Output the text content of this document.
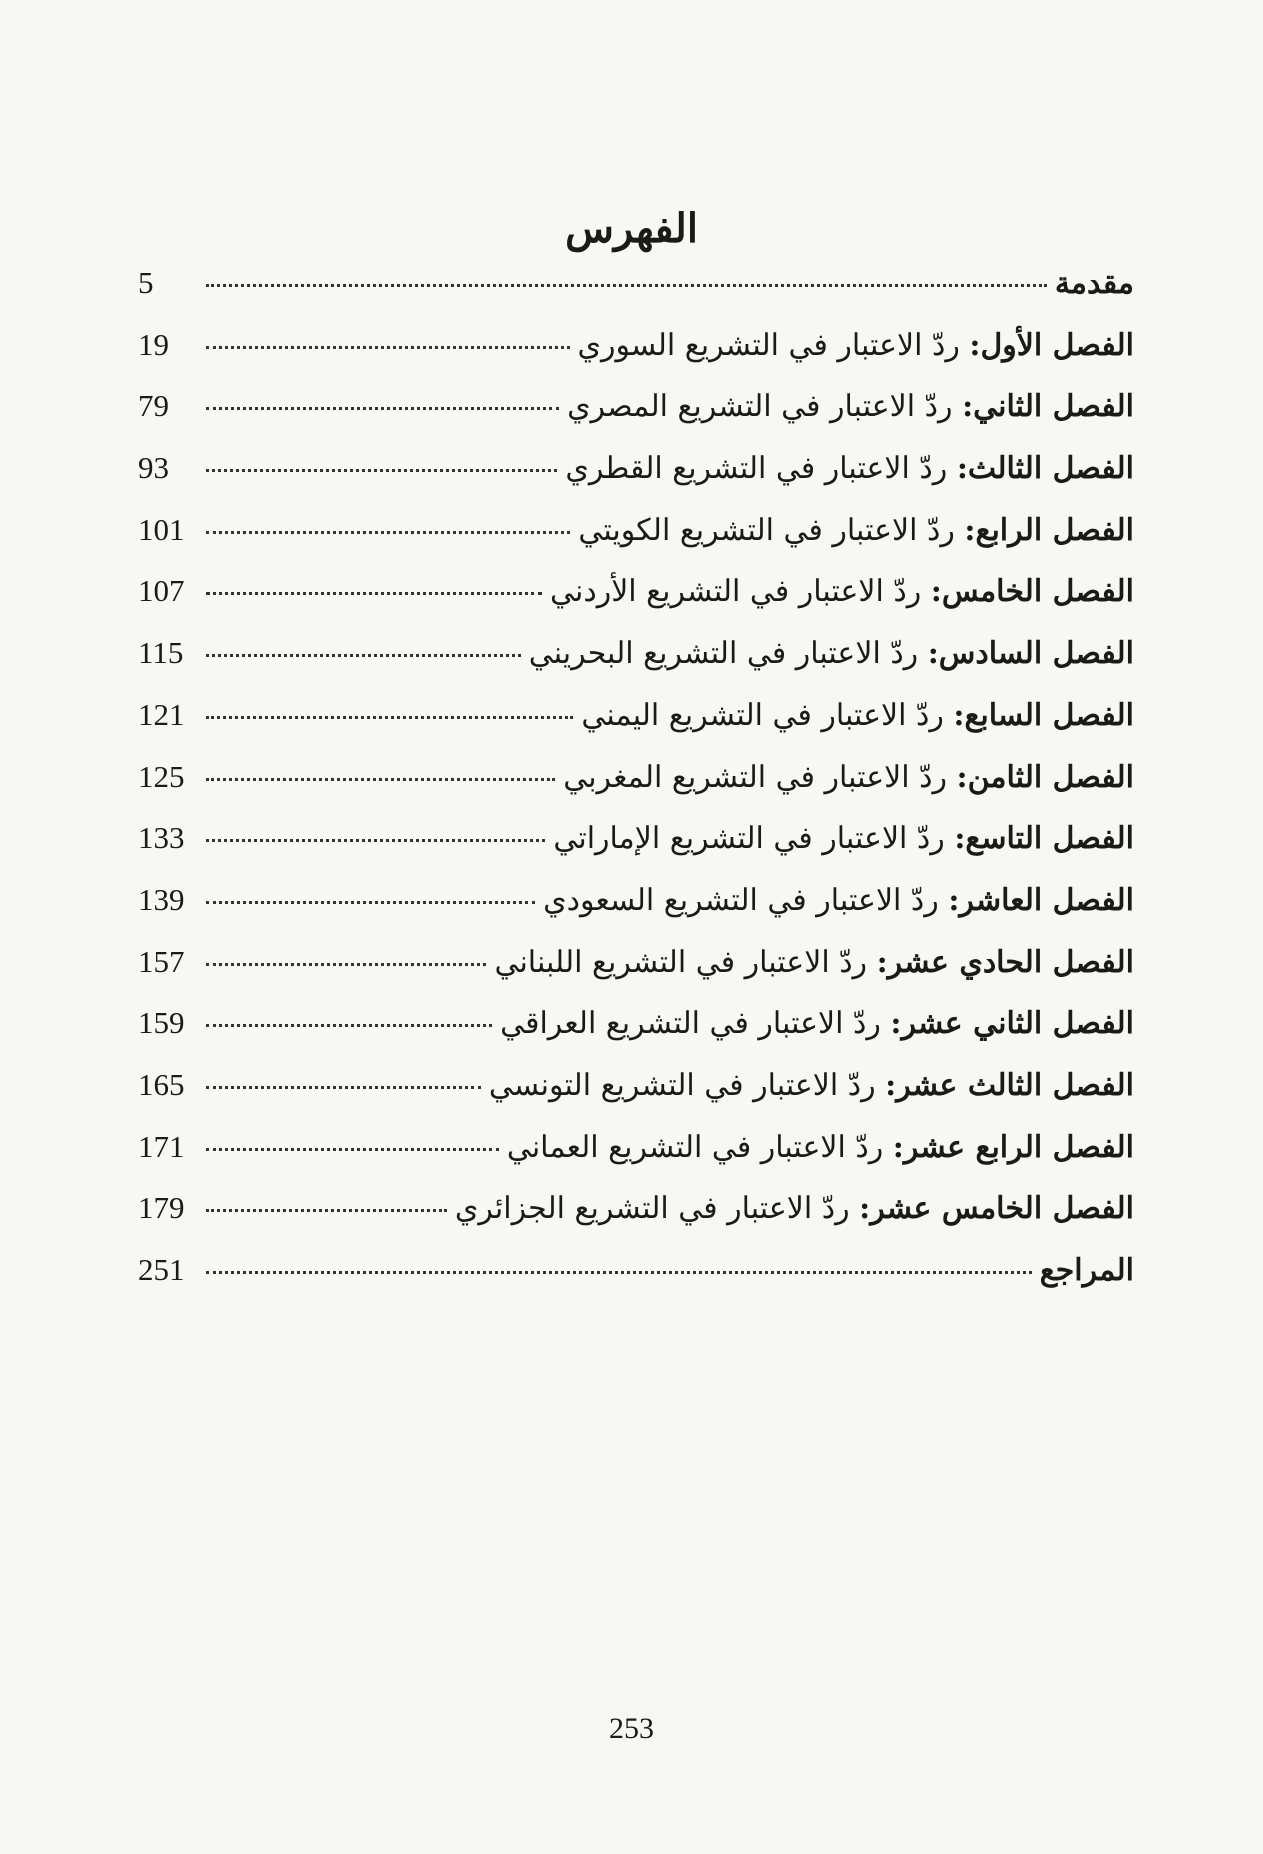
الفهرس
مقدمة
5
الفصل الأول: ردّ الاعتبار في التشريع السوري
19
الفصل الثاني: ردّ الاعتبار في التشريع المصري
79
الفصل الثالث: ردّ الاعتبار في التشريع القطري
93
الفصل الرابع: ردّ الاعتبار في التشريع الكويتي
101
الفصل الخامس: ردّ الاعتبار في التشريع الأردني
107
الفصل السادس: ردّ الاعتبار في التشريع البحريني
115
الفصل السابع: ردّ الاعتبار في التشريع اليمني
121
الفصل الثامن: ردّ الاعتبار في التشريع المغربي
125
الفصل التاسع: ردّ الاعتبار في التشريع الإماراتي
133
الفصل العاشر: ردّ الاعتبار في التشريع السعودي
139
الفصل الحادي عشر: ردّ الاعتبار في التشريع اللبناني
157
الفصل الثاني عشر: ردّ الاعتبار في التشريع العراقي
159
الفصل الثالث عشر: ردّ الاعتبار في التشريع التونسي
165
الفصل الرابع عشر: ردّ الاعتبار في التشريع العماني
171
الفصل الخامس عشر: ردّ الاعتبار في التشريع الجزائري
179
المراجع
251
253
